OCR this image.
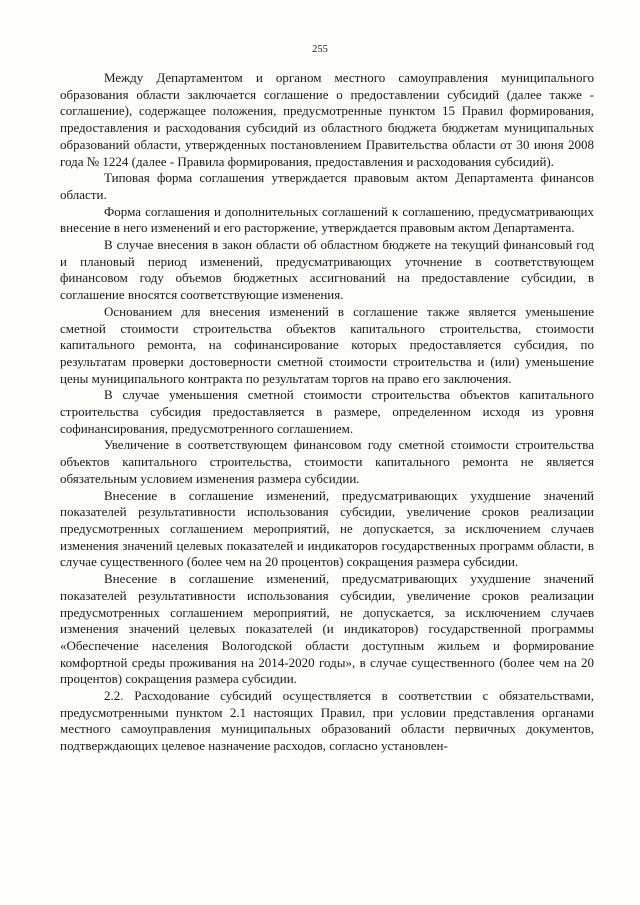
255

Между Департаментом и органом местного самоуправления муниципального образования области заключается соглашение о предоставлении субсидий (далее также - соглашение), содержащее положения, предусмотренные пунктом 15 Правил формирования, предоставления и расходования субсидий из областного бюджета бюджетам муниципальных образований области, утвержденных постановлением Правительства области от 30 июня 2008 года № 1224 (далее - Правила формирования, предоставления и расходования субсидий).

Типовая форма соглашения утверждается правовым актом Департамента финансов области.

Форма соглашения и дополнительных соглашений к соглашению, предусматривающих внесение в него изменений и его расторжение, утверждается правовым актом Департамента.

В случае внесения в закон области об областном бюджете на текущий финансовый год и плановый период изменений, предусматривающих уточнение в соответствующем финансовом году объемов бюджетных ассигнований на предоставление субсидии, в соглашение вносятся соответствующие изменения.

Основанием для внесения изменений в соглашение также является уменьшение сметной стоимости строительства объектов капитального строительства, стоимости капитального ремонта, на софинансирование которых предоставляется субсидия, по результатам проверки достоверности сметной стоимости строительства и (или) уменьшение цены муниципального контракта по результатам торгов на право его заключения.

В случае уменьшения сметной стоимости строительства объектов капитального строительства субсидия предоставляется в размере, определенном исходя из уровня софинансирования, предусмотренного соглашением.

Увеличение в соответствующем финансовом году сметной стоимости строительства объектов капитального строительства, стоимости капитального ремонта не является обязательным условием изменения размера субсидии.

Внесение в соглашение изменений, предусматривающих ухудшение значений показателей результативности использования субсидии, увеличение сроков реализации предусмотренных соглашением мероприятий, не допускается, за исключением случаев изменения значений целевых показателей и индикаторов государственных программ области, в случае существенного (более чем на 20 процентов) сокращения размера субсидии.

Внесение в соглашение изменений, предусматривающих ухудшение значений показателей результативности использования субсидии, увеличение сроков реализации предусмотренных соглашением мероприятий, не допускается, за исключением случаев изменения значений целевых показателей (и индикаторов) государственной программы «Обеспечение населения Вологодской области доступным жильем и формирование комфортной среды проживания на 2014-2020 годы», в случае существенного (более чем на 20 процентов) сокращения размера субсидии.

2.2. Расходование субсидий осуществляется в соответствии с обязательствами, предусмотренными пунктом 2.1 настоящих Правил, при условии представления органами местного самоуправления муниципальных образований области первичных документов, подтверждающих целевое назначение расходов, согласно установлен-
